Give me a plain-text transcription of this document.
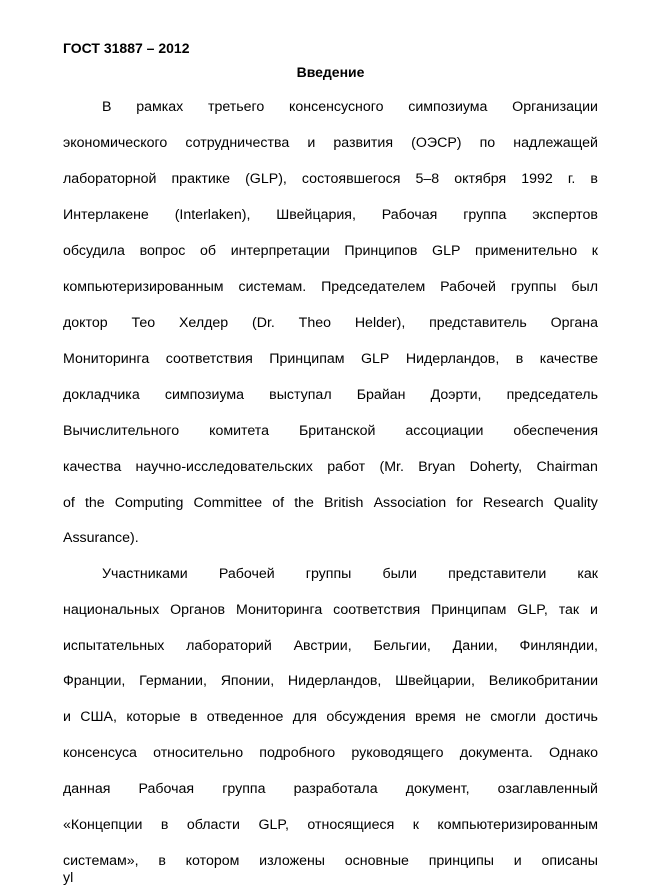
ГОСТ 31887 – 2012
Введение
В рамках третьего консенсусного симпозиума Организации
экономического сотрудничества и развития (ОЭСР) по надлежащей
лабораторной практике (GLP), состоявшегося 5–8 октября 1992 г. в
Интерлакене (Interlaken), Швейцария, Рабочая группа экспертов
обсудила вопрос об интерпретации Принципов GLP применительно к
компьютеризированным системам. Председателем Рабочей группы был
доктор Тео Хелдер (Dr. Theo Helder), представитель Органа
Мониторинга соответствия Принципам GLP Нидерландов, в качестве
докладчика симпозиума выступал Брайан Доэрти, председатель
Вычислительного комитета Британской ассоциации обеспечения
качества научно-исследовательских работ (Mr. Bryan Doherty, Chairman
of the Computing Committee of the British Association for Research Quality
Assurance).
Участниками Рабочей группы были представители как
национальных Органов Мониторинга соответствия Принципам GLP, так и
испытательных лабораторий Австрии, Бельгии, Дании, Финляндии,
Франции, Германии, Японии, Нидерландов, Швейцарии, Великобритании
и США, которые в отведенное для обсуждения время не смогли достичь
консенсуса относительно подробного руководящего документа. Однако
данная Рабочая группа разработала документ, озаглавленный
«Концепции в области GLP, относящиеся к компьютеризированным
системам», в котором изложены основные принципы и описаны
уl
